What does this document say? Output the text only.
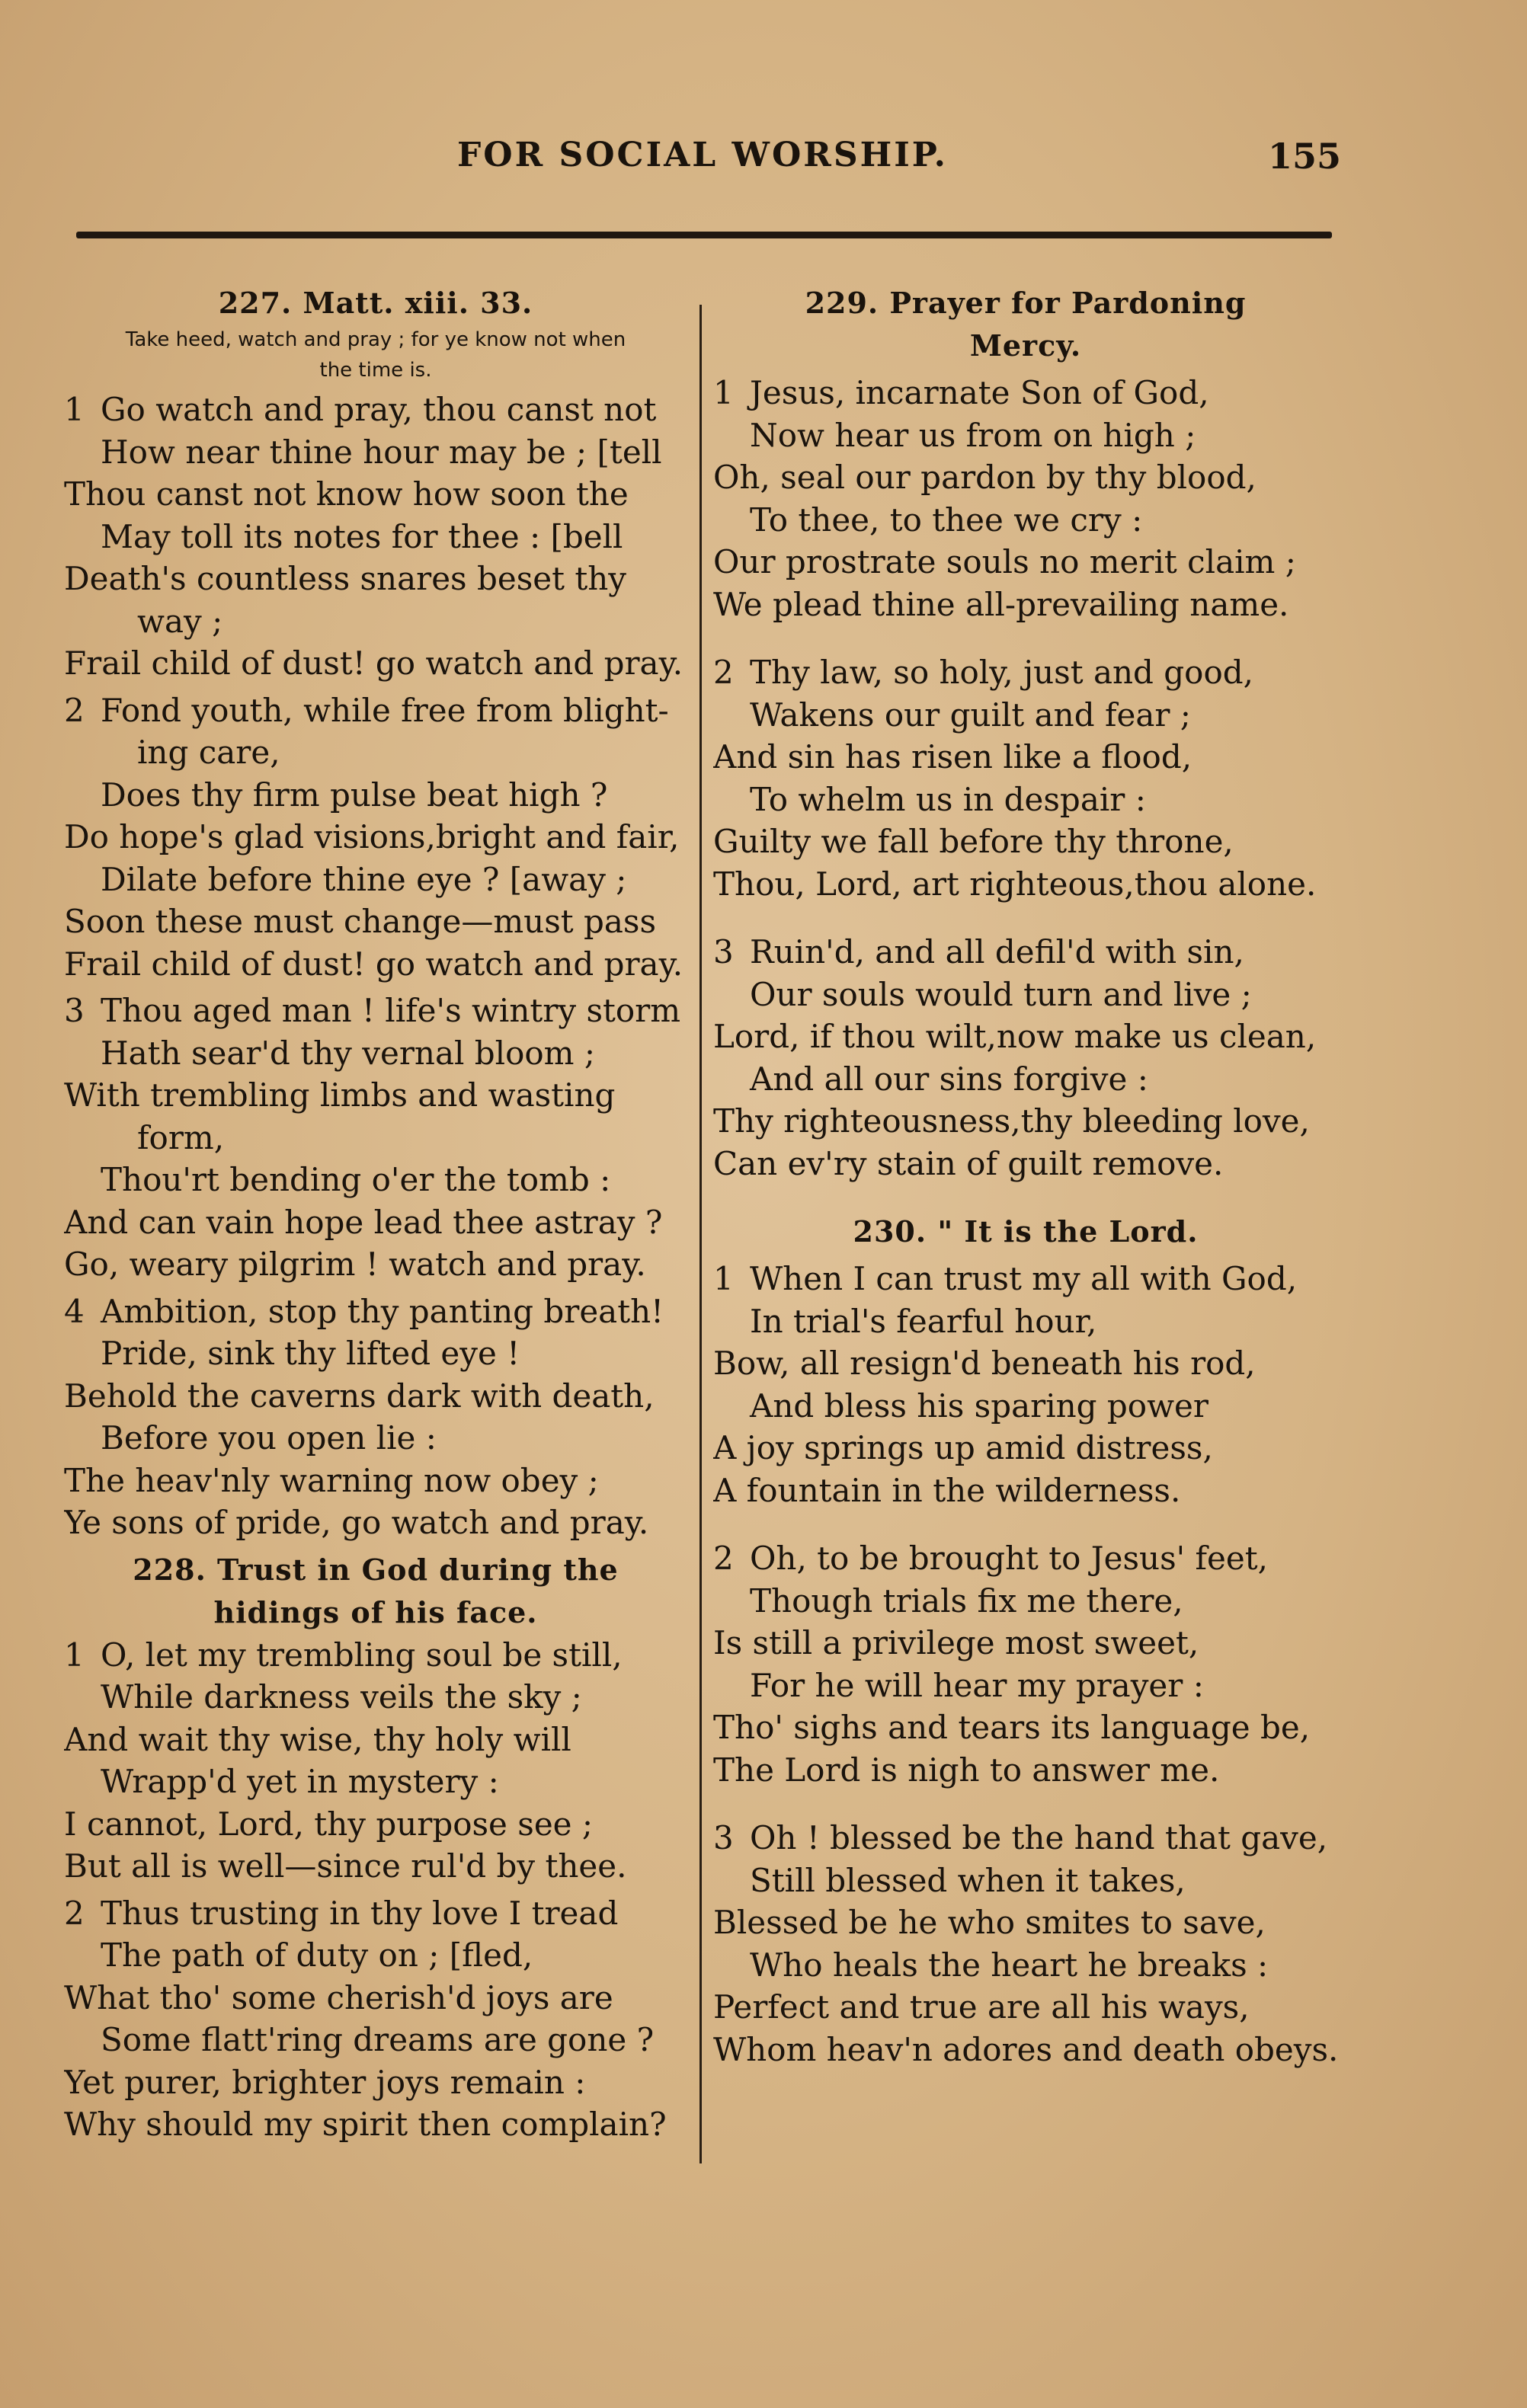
FOR SOCIAL WORSHIP.	155
227. Matt. xiii. 33.
Take heed, watch and pray ; for ye know not when
the time is.
1 Go watch and pray, thou canst not
How near thine hour may be ; [tell
Thou canst not know how soon the
May toll its notes for thee : [bell
Death's countless snares beset thy
way ;
Frail child of dust! go watch and pray.
2 Fond youth, while free from blight-
ing care,
Does thy firm pulse beat high ?
Do hope's glad visions,bright and fair,
Dilate before thine eye ? [away ;
Soon these must change—must pass
Frail child of dust! go watch and pray.
3 Thou aged man ! life's wintry storm
Hath sear'd thy vernal bloom ;
With trembling limbs and wasting
form,
Thou'rt bending o'er the tomb :
And can vain hope lead thee astray ?
Go, weary pilgrim ! watch and pray.
4 Ambition, stop thy panting breath!
Pride, sink thy lifted eye !
Behold the caverns dark with death,
Before you open lie :
The heav'nly warning now obey ;
Ye sons of pride, go watch and pray.
228. Trust in God during the
hidings of his face.
1 O, let my trembling soul be still,
While darkness veils the sky ;
And wait thy wise, thy holy will
Wrapp'd yet in mystery :
I cannot, Lord, thy purpose see ;
But all is well—since rul'd by thee.
2 Thus trusting in thy love I tread
The path of duty on ; [fled,
What tho' some cherish'd joys are
Some flatt'ring dreams are gone ?
Yet purer, brighter joys remain :
Why should my spirit then complain?
229. Prayer for Pardoning
Mercy.
1 Jesus, incarnate Son of God,
Now hear us from on high ;
Oh, seal our pardon by thy blood,
To thee, to thee we cry :
Our prostrate souls no merit claim ;
We plead thine all-prevailing name.
2 Thy law, so holy, just and good,
Wakens our guilt and fear ;
And sin has risen like a flood,
To whelm us in despair :
Guilty we fall before thy throne,
Thou, Lord, art righteous,thou alone.
3 Ruin'd, and all defil'd with sin,
Our souls would turn and live ;
Lord, if thou wilt,now make us clean,
And all our sins forgive :
Thy righteousness,thy bleeding love,
Can ev'ry stain of guilt remove.
230. " It is the Lord.
1 When I can trust my all with God,
In trial's fearful hour,
Bow, all resign'd beneath his rod,
And bless his sparing power
A joy springs up amid distress,
A fountain in the wilderness.
2 Oh, to be brought to Jesus' feet,
Though trials fix me there,
Is still a privilege most sweet,
For he will hear my prayer :
Tho' sighs and tears its language be,
The Lord is nigh to answer me.
3 Oh ! blessed be the hand that gave,
Still blessed when it takes,
Blessed be he who smites to save,
Who heals the heart he breaks :
Perfect and true are all his ways,
Whom heav'n adores and death obeys.
